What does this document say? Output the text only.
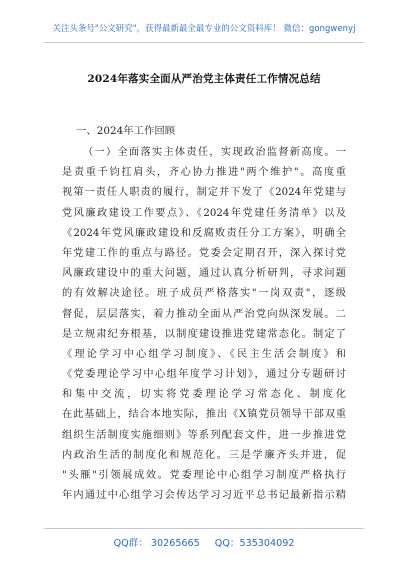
关注头条号"公文研究"，获得最新最全最专业的公文资料库！ 微信：gongwenyj
2024年落实全面从严治党主体责任工作情况总结
一、2024年工作回顾
（一）全面落实主体责任，实现政治监督新高度。一
是责重千钧扛肩头，齐心协力推进"两个维护"。高度重
视第一责任人职责的履行，制定并下发了《2024年党建与
党风廉政建设工作要点》、《2024年党建任务清单》以及
《2024年党风廉政建设和反腐败责任分工方案》，明确全
年党建工作的重点与路径。党委会定期召开，深入探讨党
风廉政建设中的重大问题，通过认真分析研判，寻求问题
的有效解决途径。班子成员严格落实"一岗双责"，逐级
督促，层层落实，着力推动全面从严治党向纵深发展。二
是立规肃纪夯根基，以制度建设推进党建常态化。制定了
《理论学习中心组学习制度》、《民主生活会制度》和
《党委理论学习中心组年度学习计划》，通过分专题研讨
和集中交流，切实将党委理论学习常态化、制度化
在此基础上，结合本地实际，推出《X镇党员领导干部双重
组织生活制度实施细则》等系列配套文件，进一步推进党
内政治生活的制度化和规范化。三是学廉齐头并进，促
"头雁"引领展成效。党委理论中心组学习制度严格执行
年内通过中心组学习会传达学习习近平总书记最新指示精
QQ群： 30265665 QQ：535304092
